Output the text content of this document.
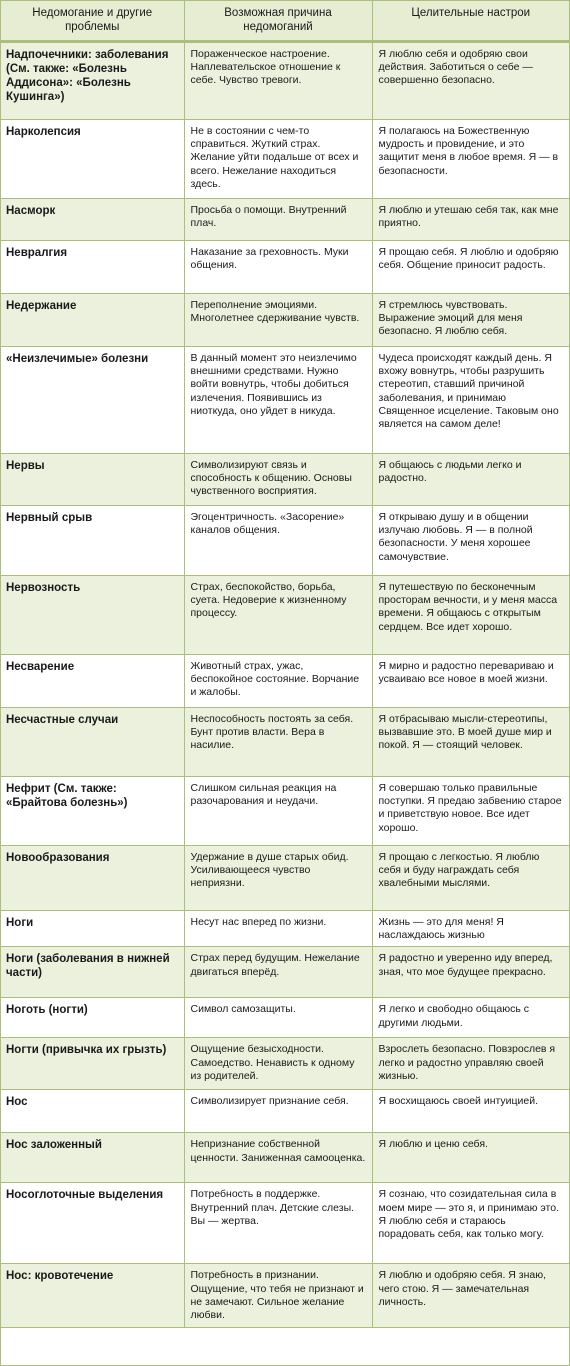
Недомогание и другие проблемы	Возможная причина недомоганий	Целительные настрои
Надпочечники: заболевания (См. также: «Болезнь Аддисона»: «Болезнь Кушинга»)	Пораженческое настроение. Наплевательское отношение к себе. Чувство тревоги.	Я люблю себя и одобряю свои действия. Заботиться о себе — совершенно безопасно.
Нарколепсия	Не в состоянии с чем-то справиться. Жуткий страх. Желание уйти подальше от всех и всего. Нежелание находиться здесь.	Я полагаюсь на Божественную мудрость и провидение, и это защитит меня в любое время. Я — в безопасности.
Насморк	Просьба о помощи. Внутренний плач.	Я люблю и утешаю себя так, как мне приятно.
Невралгия	Наказание за греховность. Муки общения.	Я прощаю себя. Я люблю и одобряю себя. Общение приносит радость.
Недержание	Переполнение эмоциями. Многолетнее сдерживание чувств.	Я стремлюсь чувствовать. Выражение эмоций для меня безопасно. Я люблю себя.
«Неизлечимые» болезни	В данный момент это неизлечимо внешними средствами. Нужно войти вовнутрь, чтобы добиться излечения. Появившись из ниоткуда, оно уйдет в никуда.	Чудеса происходят каждый день. Я вхожу вовнутрь, чтобы разрушить стереотип, ставший причиной заболевания, и принимаю Священное исцеление. Таковым оно является на самом деле!
Нервы	Символизируют связь и способность к общению. Основы чувственного восприятия.	Я общаюсь с людьми легко и радостно.
Нервный срыв	Эгоцентричность. «Засорение» каналов общения.	Я открываю душу и в общении излучаю любовь. Я — в полной безопасности. У меня хорошее самочувствие.
Нервозность	Страх, беспокойство, борьба, суета. Недоверие к жизненному процессу.	Я путешествую по бесконечным просторам вечности, и у меня масса времени. Я общаюсь с открытым сердцем. Все идет хорошо.
Несварение	Животный страх, ужас, беспокойное состояние. Ворчание и жалобы.	Я мирно и радостно перевариваю и усваиваю все новое в моей жизни.
Несчастные случаи	Неспособность постоять за себя. Бунт против власти. Вера в насилие.	Я отбрасываю мысли-стереотипы, вызвавшие это. В моей душе мир и покой. Я — стоящий человек.
Нефрит (См. также: «Брайтова болезнь»)	Слишком сильная реакция на разочарования и неудачи.	Я совершаю только правильные поступки. Я предаю забвению старое и приветствую новое. Все идет хорошо.
Новообразования	Удержание в душе старых обид. Усиливающееся чувство неприязни.	Я прощаю с легкостью. Я люблю себя и буду награждать себя хвалебными мыслями.
Ноги	Несут нас вперед по жизни.	Жизнь — это для меня! Я наслаждаюсь жизнью
Ноги (заболевания в нижней части)	Страх перед будущим. Нежелание двигаться вперёд.	Я радостно и уверенно иду вперед, зная, что мое будущее прекрасно.
Ноготь (ногти)	Символ самозащиты.	Я легко и свободно общаюсь с другими людьми.
Ногти (привычка их грызть)	Ощущение безысходности. Самоедство. Ненависть к одному из родителей.	Взрослеть безопасно. Повзрослев я легко и радостно управляю своей жизнью.
Нос	Символизирует признание себя.	Я восхищаюсь своей интуицией.
Нос заложенный	Непризнание собственной ценности. Заниженная самооценка.	Я люблю и ценю себя.
Носоглоточные выделения	Потребность в поддержке. Внутренний плач. Детские слезы. Вы — жертва.	Я сознаю, что созидательная сила в моем мире — это я, и принимаю это. Я люблю себя и стараюсь порадовать себя, как только могу.
Нос: кровотечение	Потребность в признании. Ощущение, что тебя не признают и не замечают. Сильное желание любви.	Я люблю и одобряю себя. Я знаю, чего стою. Я — замечательная личность.
